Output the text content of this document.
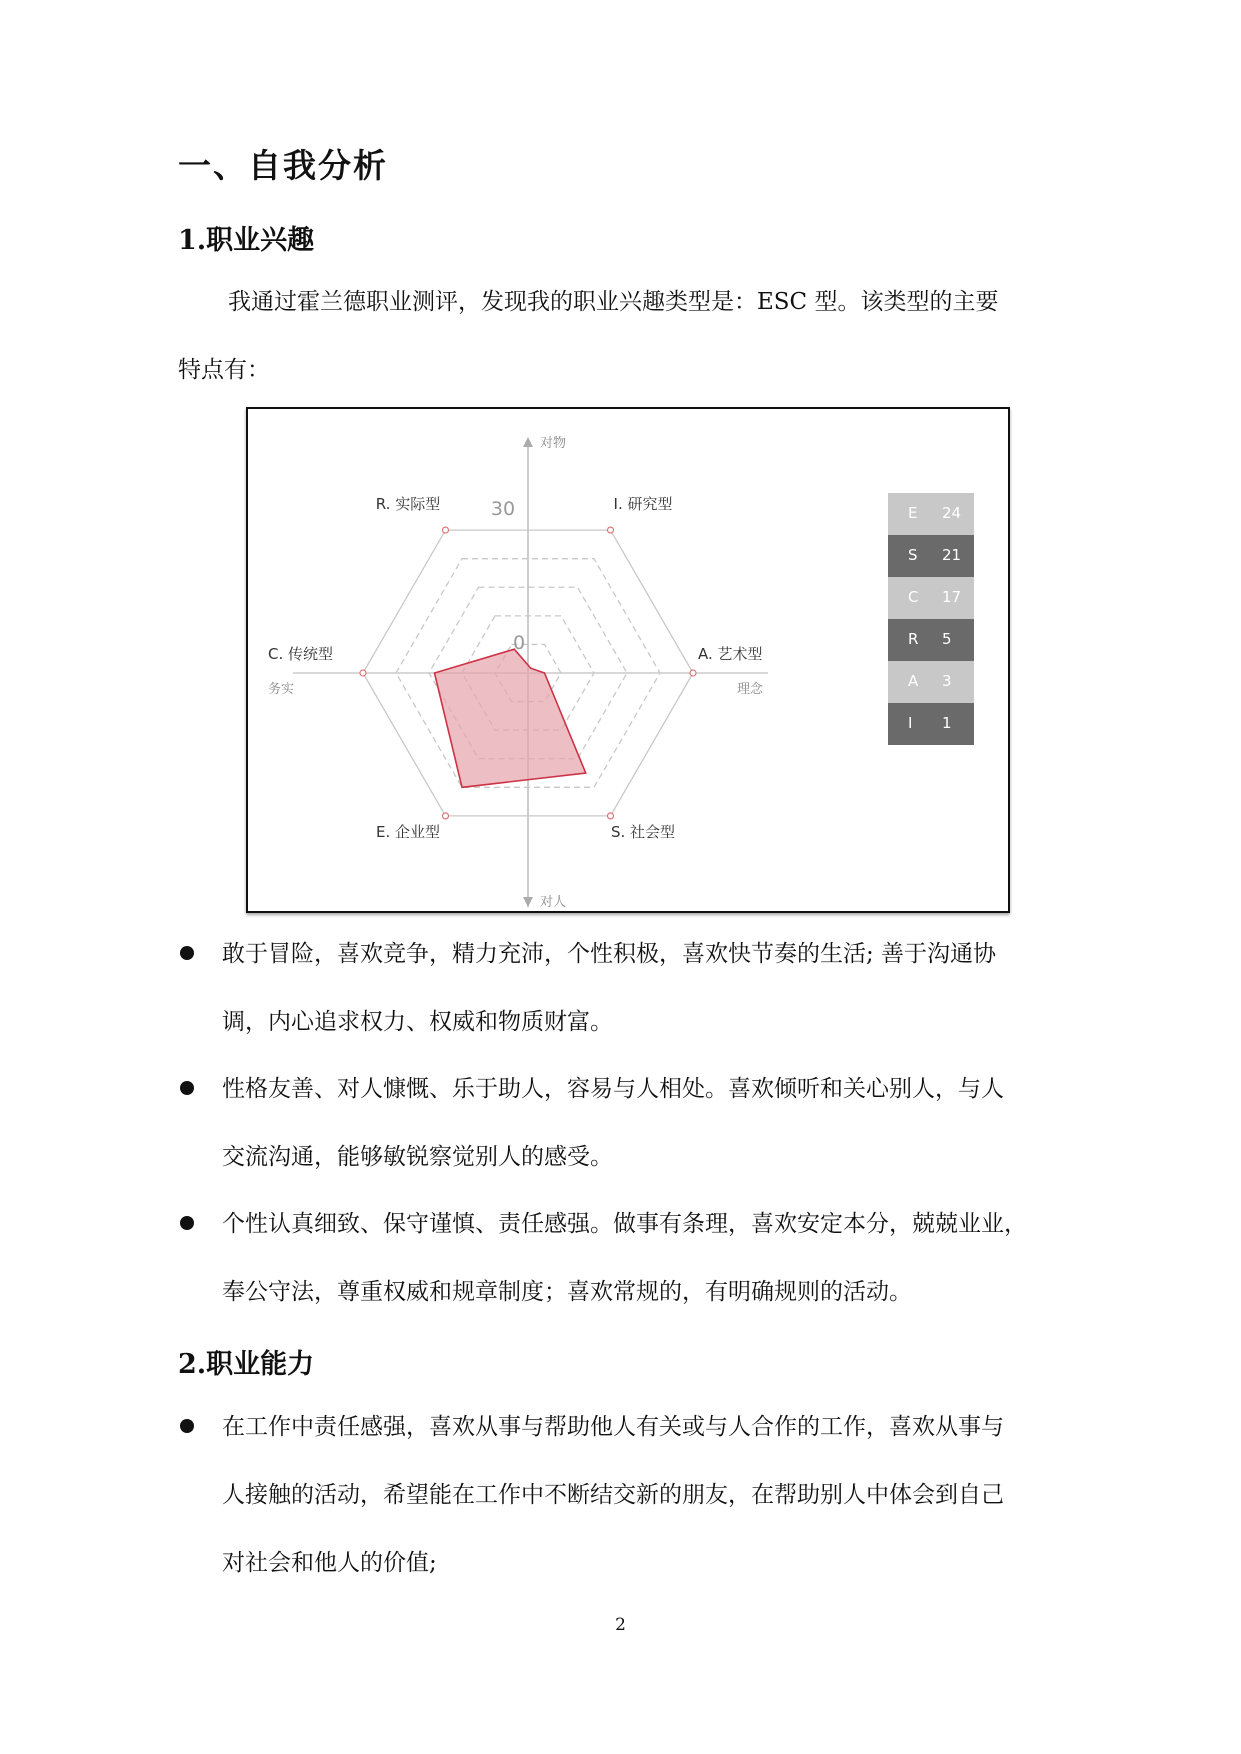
一、自我分析
1.职业兴趣
我通过霍兰德职业测评，发现我的职业兴趣类型是：ESC 型。该类型的主要
特点有：
R. 实际型	I. 研究型
A. 艺术型
S. 社会型
E. 企业型
C. 传统型
对物
对人
务实	理念
30
0
E 24
S 21
C 17
R 5
A 3
I 1
敢于冒险，喜欢竞争，精力充沛，个性积极，喜欢快节奏的生活; 善于沟通协
调，内心追求权力、权威和物质财富。
性格友善、对人慷慨、乐于助人，容易与人相处。喜欢倾听和关心别人，与人
交流沟通，能够敏锐察觉别人的感受。
个性认真细致、保守谨慎、责任感强。做事有条理，喜欢安定本分，兢兢业业，
奉公守法，尊重权威和规章制度；喜欢常规的，有明确规则的活动。
2.职业能力
在工作中责任感强，喜欢从事与帮助他人有关或与人合作的工作，喜欢从事与
人接触的活动，希望能在工作中不断结交新的朋友，在帮助别人中体会到自己
对社会和他人的价值;
2
